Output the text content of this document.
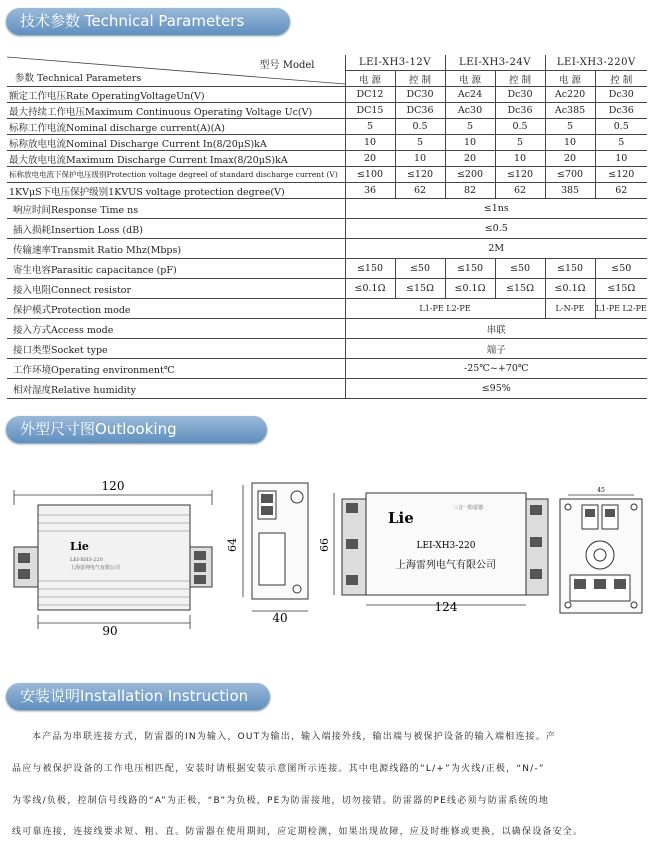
技术参数 Technical Parameters
外型尺寸图Outlooking Dimension
安装说明Installation Instruction
型号 Model
参数 Technical Parameters	LEI-XH3-12V		LEI-XH3-24V		LEI-XH3-220V	
	电 源	控 制	电 源	控 制	电 源	控 制
额定工作电压Rate OperatingVoltageUn(V)	DC12	DC30	Ac24	Dc30	Ac220	Dc30
最大持续工作电压Maximum Continuous Operating Voltage Uc(V)	DC15	DC36	Ac30	Dc36	Ac385	Dc36
标称工作电流Nominal discharge current(A)(A)	5	0.5	5	0.5	5	0.5
标称放电电流Nominal Discharge Current In(8/20μS)kA	10	5	10	5	10	5
最大放电电流Maximum Discharge Current Imax(8/20μS)kA	20	10	20	10	20	10
标称放电电流下保护电压级别Protection voltage degreel of standard discharge current (V)	≤100	≤120	≤200	≤120	≤700	≤120
1KVμS下电压保护级别1KVUS voltage protection degree(V)	36	62	82	62	385	62
响应时间Response Time ns	≤1ns					
插入损耗Insertion Loss (dB)	≤0.5					
传输速率Transmit Ratio Mhz(Mbps)	2M					
寄生电容Parasitic capacitance (pF)	≤150	≤50	≤150	≤50	≤150	≤50
接入电阻Connect resistor	≤0.1Ω	≤15Ω	≤0.1Ω	≤15Ω	≤0.1Ω	≤15Ω
保护模式Protection mode	L1-PE L2-PE				L-N-PE	L1-PE L2-PE
接入方式Access mode	串联					
接口类型Socket type	端子					
工作环境Operating environment℃	-25℃~+70℃					
相对湿度Relative humidity	≤95%					
120
Lie
LEI-XH3-220
上海雷列电气有限公司
90
64
40
66
Lie
三合一防雷器
LEI-XH3-220
上海雷列电气有限公司
124
45
本产品为串联连接方式，防雷器的IN为输入，OUT为输出，输入端接外线，输出端与被保护设备的输入端相连接。产
品应与被保护设备的工作电压相匹配，安装时请根据安装示意图所示连接。其中电源线路的“L/+”为火线/正极，“N/-”
为零线/负极，控制信号线路的“A”为正极，“B”为负极，PE为防雷接地，切勿接错。防雷器的PE线必须与防雷系统的地
线可靠连接，连接线要求短、粗、直。防雷器在使用期间，应定期检测，如果出现故障，应及时维修或更换，以确保设备安全。
